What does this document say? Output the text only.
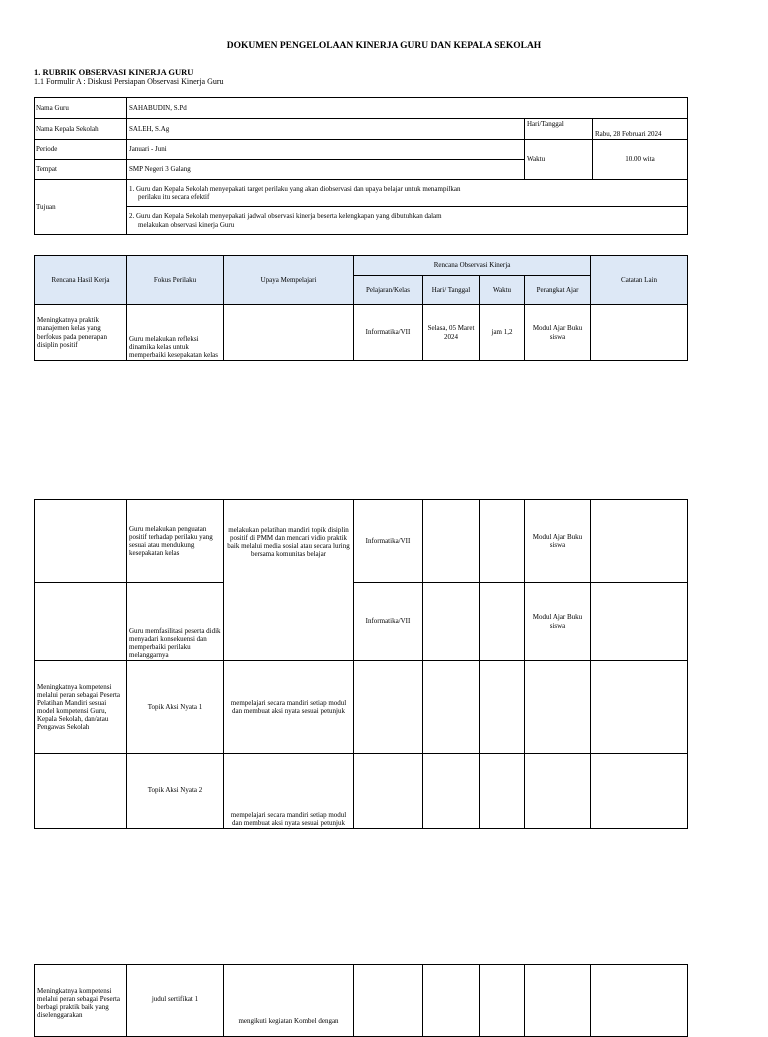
DOKUMEN PENGELOLAAN KINERJA GURU DAN KEPALA SEKOLAH
1. RUBRIK OBSERVASI KINERJA GURU
1.1 Formulir A : Diskusi Persiapan Observasi Kinerja Guru
Nama Guru	SAHABUDIN, S.Pd		
Nama Kepala Sekolah	SALEH, S.Ag	Hari/Tanggal	Rabu, 28 Februari 2024
Periode	Januari - Juni	Waktu	10.00 wita
Tempat	SMP Negeri 3 Galang		
Tujuan	1. Guru dan Kepala Sekolah menyepakati target perilaku yang akan diobservasi dan upaya belajar untuk menampilkan
perilaku itu secara efektif		

	2. Guru dan Kepala Sekolah menyepakati jadwal observasi kinerja beserta kelengkapan yang dibutuhkan dalam
melakukan observasi kinerja Guru		
Rencana Hasil Kerja	Fokus Perilaku	Upaya Mempelajari	Rencana Observasi Kinerja				Catatan Lain
			Pelajaran/Kelas	Hari/ Tanggal	Waktu	Perangkat Ajar	
Meningkatnya praktik manajemen kelas yang berfokus pada penerapan disiplin positif	Guru melakukan refleksi dinamika kelas untuk memperbaiki kesepakatan kelas		Informatika/VII	Selasa, 05 Maret 2024	jam 1,2	Modul Ajar Buku siswa	
	Guru melakukan penguatan positif terhadap perilaku yang sesuai atau mendukung kesepakatan kelas	melakukan pelatihan mandiri topik disiplin positif di PMM dan mencari vidio praktik baik melalui media sosial atau secara luring bersama komunitas belajar	Informatika/VII			Modul Ajar Buku siswa	
	Guru memfasilitasi peserta didik menyadari konsekuensi dan memperbaiki perilaku melanggarnya		Informatika/VII			Modul Ajar Buku siswa	
Meningkatnya kompetensi melalui peran sebagai Peserta Pelatihan Mandiri sesuai model kompetensi Guru, Kepala Sekolah, dan/atau Pengawas Sekolah	Topik Aksi Nyata 1	mempelajari secara mandiri setiap modul dan membuat aksi nyata sesuai petunjuk					
	Topik Aksi Nyata 2	mempelajari secara mandiri setiap modul dan membuat aksi nyata sesuai petunjuk					
Meningkatnya kompetensi melalui peran sebagai Peserta berbagi praktik baik yang diselenggarakan	judul sertifikat 1	mengikuti kegiatan Kombel dengan					
